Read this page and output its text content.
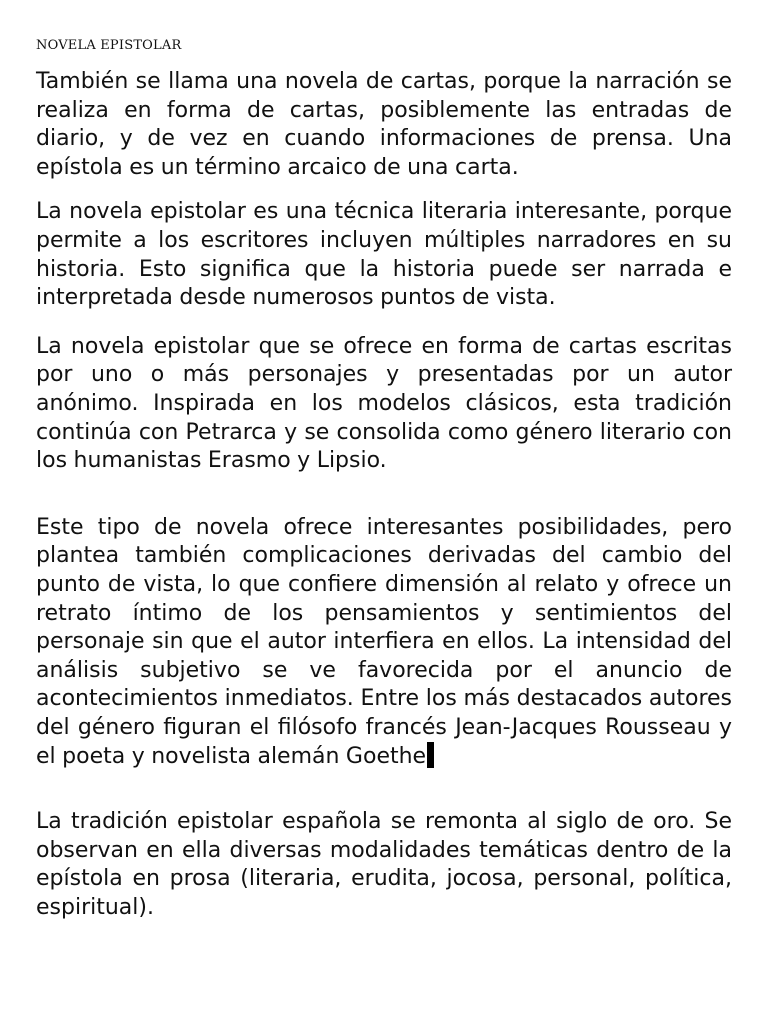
NOVELA EPISTOLAR

También se llama una novela de cartas, porque la narración se realiza en forma de cartas, posiblemente las entradas de diario, y de vez en cuando informaciones de prensa. Una epístola es un término arcaico de una carta.

La novela epistolar es una técnica literaria interesante, porque permite a los escritores incluyen múltiples narradores en su historia. Esto significa que la historia puede ser narrada e interpretada desde numerosos puntos de vista.

La novela epistolar que se ofrece en forma de cartas escritas por uno o más personajes y presentadas por un autor anónimo. Inspirada en los modelos clásicos, esta tradición continúa con Petrarca y se consolida como género literario con los humanistas Erasmo y Lipsio.

Este tipo de novela ofrece interesantes posibilidades, pero plantea también complicaciones derivadas del cambio del punto de vista, lo que confiere dimensión al relato y ofrece un retrato íntimo de los pensamientos y sentimientos del personaje sin que el autor interfiera en ellos. La intensidad del análisis subjetivo se ve favorecida por el anuncio de acontecimientos inmediatos. Entre los más destacados autores del género figuran el filósofo francés Jean-Jacques Rousseau y el poeta y novelista alemán Goethe

La tradición epistolar española se remonta al siglo de oro. Se observan en ella diversas modalidades temáticas dentro de la epístola en prosa (literaria, erudita, jocosa, personal, política, espiritual).
